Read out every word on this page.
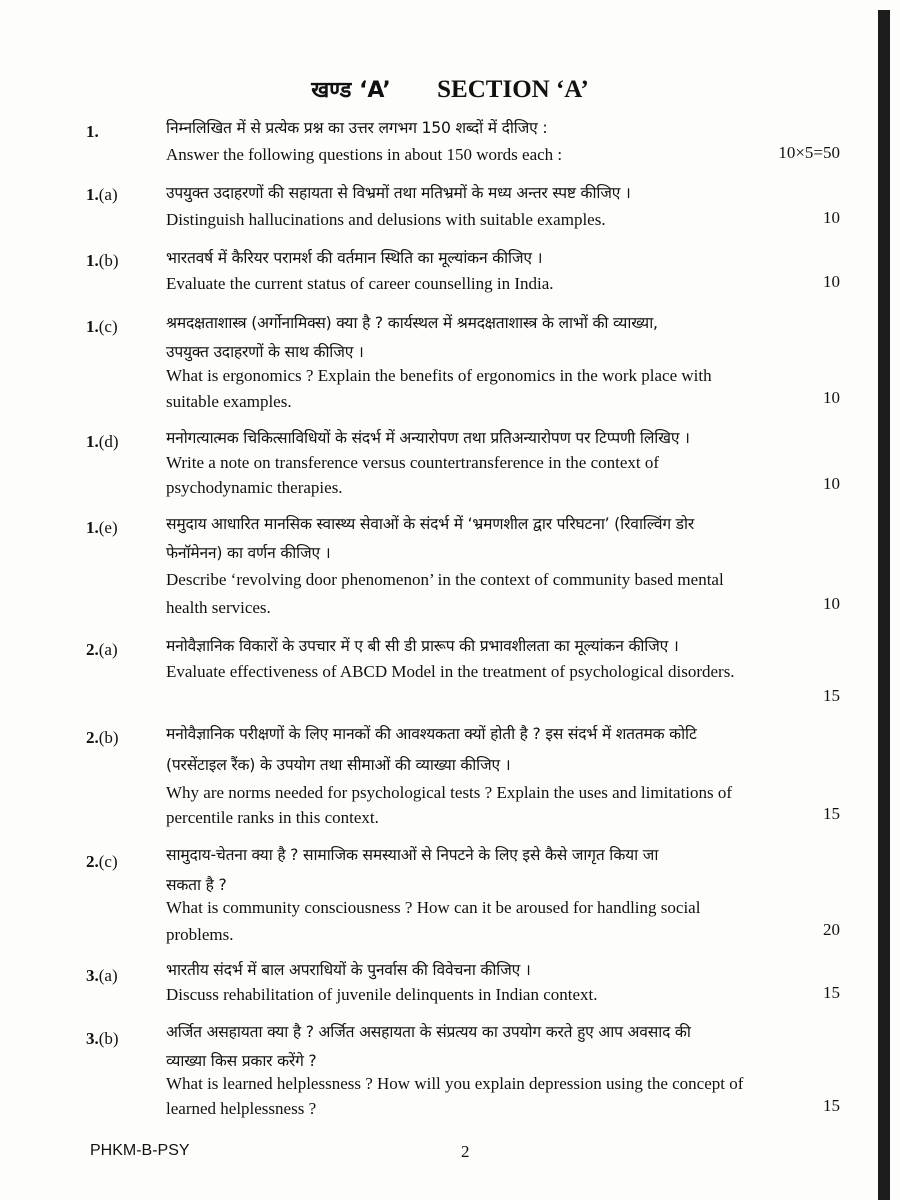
खण्ड ‘A’ SECTION ‘A’
1.	निम्नलिखित में से प्रत्येक प्रश्न का उत्तर लगभग 150 शब्दों में दीजिए :
Answer the following questions in about 150 words each :	10×5=50
1.(a)	उपयुक्त उदाहरणों की सहायता से विभ्रमों तथा मतिभ्रमों के मध्य अन्तर स्पष्ट कीजिए ।
Distinguish hallucinations and delusions with suitable examples.	10
1.(b)	भारतवर्ष में कैरियर परामर्श की वर्तमान स्थिति का मूल्यांकन कीजिए ।
Evaluate the current status of career counselling in India.	10
1.(c)	श्रमदक्षताशास्त्र (अर्गोनामिक्स) क्या है ? कार्यस्थल में श्रमदक्षताशास्त्र के लाभों की व्याख्या,
उपयुक्त उदाहरणों के साथ कीजिए ।
What is ergonomics ? Explain the benefits of ergonomics in the work place with
suitable examples.	10
1.(d)	मनोगत्यात्मक चिकित्साविधियों के संदर्भ में अन्यारोपण तथा प्रतिअन्यारोपण पर टिप्पणी लिखिए ।
Write a note on transference versus countertransference in the context of
psychodynamic therapies.	10
1.(e)	समुदाय आधारित मानसिक स्वास्थ्य सेवाओं के संदर्भ में ‘भ्रमणशील द्वार परिघटना’ (रिवाल्विंग डोर
फेनॉमेनन) का वर्णन कीजिए ।
Describe ‘revolving door phenomenon’ in the context of community based mental
health services.	10
2.(a)	मनोवैज्ञानिक विकारों के उपचार में ए बी सी डी प्रारूप की प्रभावशीलता का मूल्यांकन कीजिए ।
Evaluate effectiveness of ABCD Model in the treatment of psychological disorders.
15
2.(b)	मनोवैज्ञानिक परीक्षणों के लिए मानकों की आवश्यकता क्यों होती है ? इस संदर्भ में शततमक कोटि
(परसेंटाइल रैंक) के उपयोग तथा सीमाओं की व्याख्या कीजिए ।
Why are norms needed for psychological tests ? Explain the uses and limitations of
percentile ranks in this context.	15
2.(c)	सामुदाय-चेतना क्या है ? सामाजिक समस्याओं से निपटने के लिए इसे कैसे जागृत किया जा
सकता है ?
What is community consciousness ? How can it be aroused for handling social
problems.	20
3.(a)	भारतीय संदर्भ में बाल अपराधियों के पुनर्वास की विवेचना कीजिए ।
Discuss rehabilitation of juvenile delinquents in Indian context.	15
3.(b)	अर्जित असहायता क्या है ? अर्जित असहायता के संप्रत्यय का उपयोग करते हुए आप अवसाद की
व्याख्या किस प्रकार करेंगे ?
What is learned helplessness ? How will you explain depression using the concept of
learned helplessness ?	15
PHKM-B-PSY	2
